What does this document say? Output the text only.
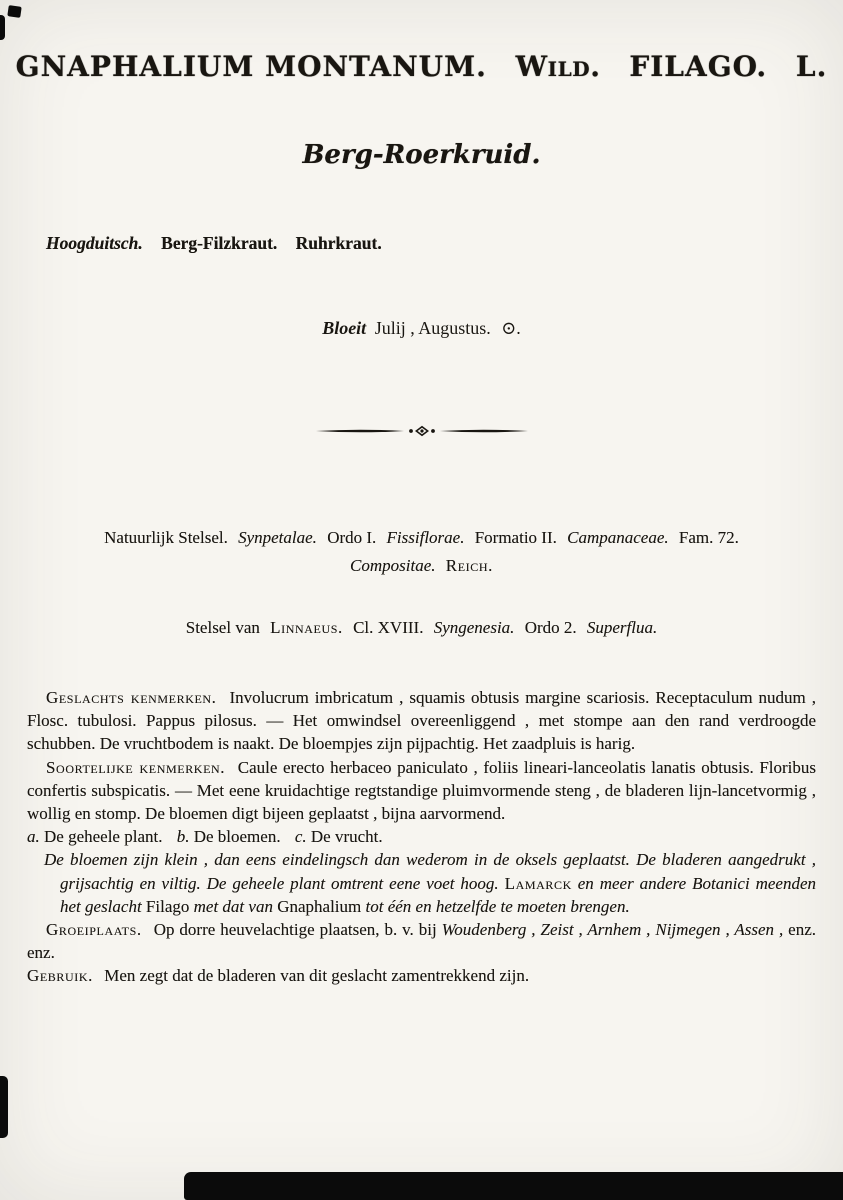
GNAPHALIUM MONTANUM. Wild. FILAGO. L.
Berg-Roerkruid.
Hoogduitsch. Berg-Filzkraut. Ruhrkraut.
Bloeit Julij , Augustus. ⊙.
Natuurlijk Stelsel. Synpetalae. Ordo I. Fissiflorae. Formatio II. Campanaceae. Fam. 72.
Compositae. Reich.
Stelsel van Linnaeus. Cl. XVIII. Syngenesia. Ordo 2. Superflua.

Geslachts kenmerken. Involucrum imbricatum , squamis obtusis margine scariosis. Receptaculum nudum , Flosc. tubulosi. Pappus pilosus. — Het omwindsel overeenliggend , met stompe aan den rand verdroogde schubben. De vruchtbodem is naakt. De bloempjes zijn pijpachtig. Het zaadpluis is harig.

Soortelijke kenmerken. Caule erecto herbaceo paniculato , foliis lineari-lanceolatis lanatis obtusis. Floribus confertis subspicatis. — Met eene kruidachtige regtstandige pluimvormende steng , de bladeren lijn-lancetvormig , wollig en stomp. De bloemen digt bijeen geplaatst , bijna aarvormend.

a. De geheele plant. b. De bloemen. c. De vrucht.

De bloemen zijn klein , dan eens eindelingsch dan wederom in de oksels geplaatst. De bladeren aangedrukt , grijsachtig en viltig. De geheele plant omtrent eene voet hoog. Lamarck en meer andere Botanici meenden het geslacht Filago met dat van Gnaphalium tot één en hetzelfde te moeten brengen.

Groeiplaats. Op dorre heuvelachtige plaatsen, b. v. bij Woudenberg , Zeist , Arnhem , Nijmegen , Assen , enz. enz.

Gebruik. Men zegt dat de bladeren van dit geslacht zamentrekkend zijn.
